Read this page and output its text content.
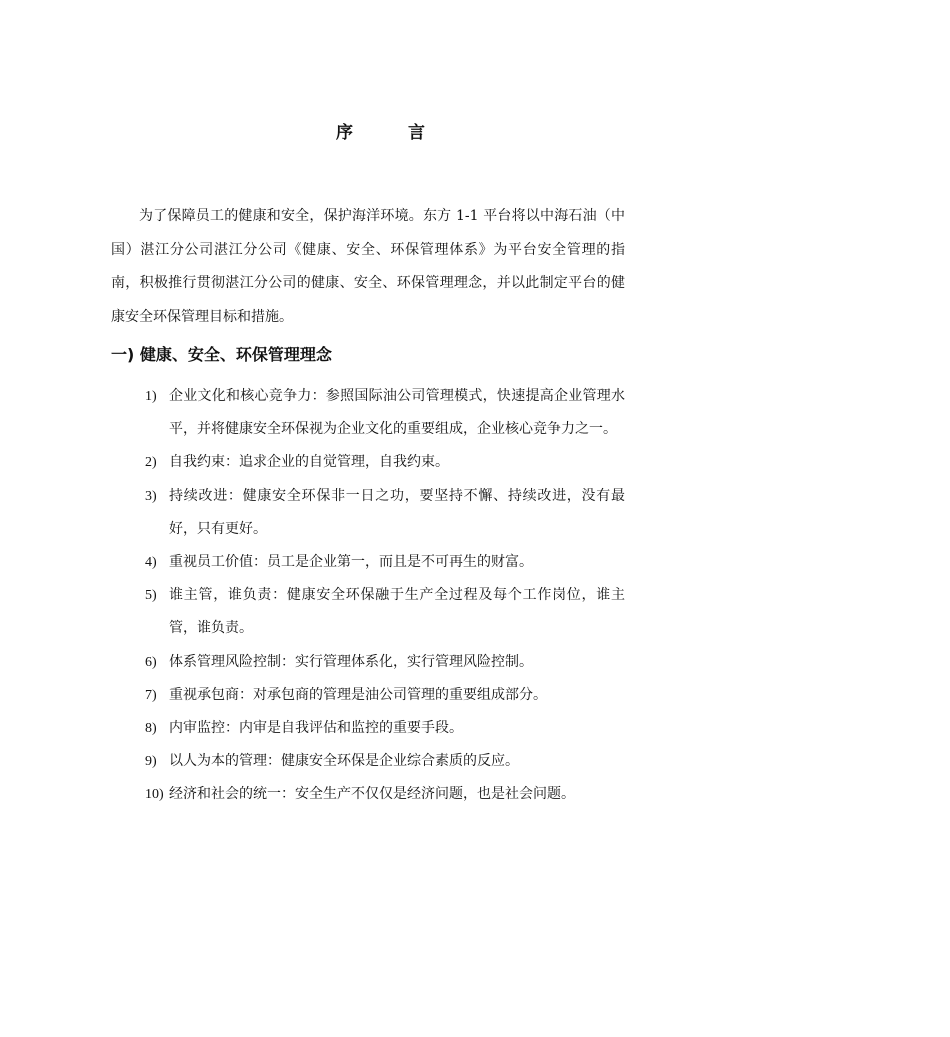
序	言

为了保障员工的健康和安全，保护海洋环境。东方 1-1 平台将以中海石油（中国）湛江分公司湛江分公司《健康、安全、环保管理体系》为平台安全管理的指南，积极推行贯彻湛江分公司的健康、安全、环保管理理念，并以此制定平台的健康安全环保管理目标和措施。

一) 健康、安全、环保管理理念
1) 企业文化和核心竞争力：参照国际油公司管理模式，快速提高企业管理水平，并将健康安全环保视为企业文化的重要组成，企业核心竞争力之一。
2) 自我约束：追求企业的自觉管理，自我约束。
3) 持续改进：健康安全环保非一日之功，要坚持不懈、持续改进，没有最好，只有更好。
4) 重视员工价值：员工是企业第一，而且是不可再生的财富。
5) 谁主管，谁负责：健康安全环保融于生产全过程及每个工作岗位，谁主管，谁负责。
6) 体系管理风险控制：实行管理体系化，实行管理风险控制。
7) 重视承包商：对承包商的管理是油公司管理的重要组成部分。
8) 内审监控：内审是自我评估和监控的重要手段。
9) 以人为本的管理：健康安全环保是企业综合素质的反应。
10) 经济和社会的统一：安全生产不仅仅是经济问题，也是社会问题。
